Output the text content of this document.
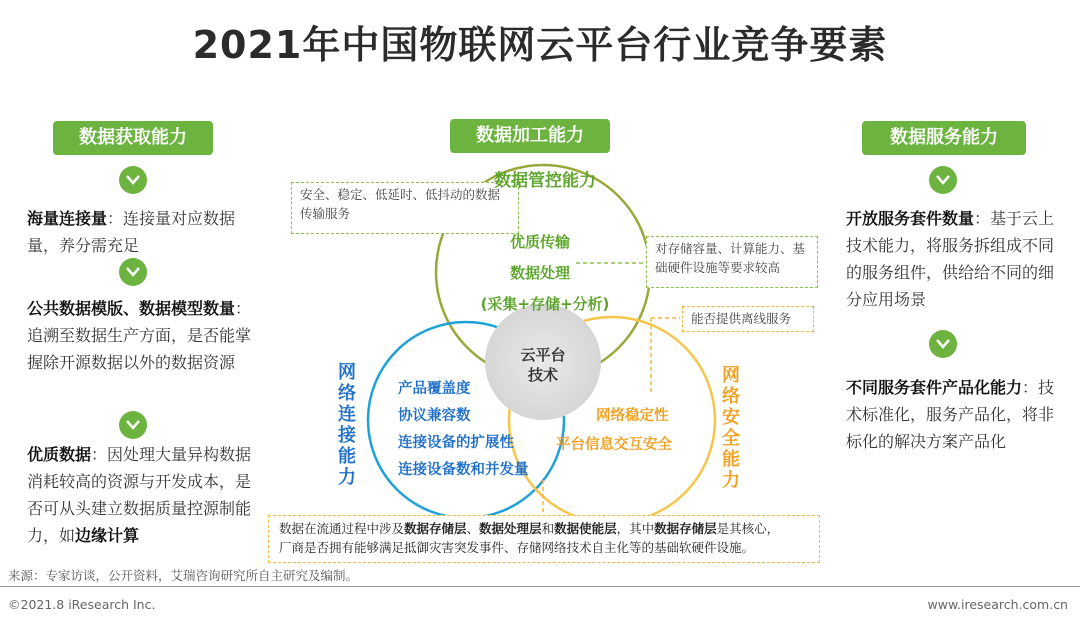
2021年中国物联网云平台行业竞争要素
数据获取能力
海量连接量：连接量对应数据量，养分需充足
公共数据模版、数据模型数量：追溯至数据生产方面，是否能掌握除开源数据以外的数据资源
优质数据：因处理大量异构数据消耗较高的资源与开发成本，是否可从头建立数据质量控源制能力，如边缘计算
数据服务能力
开放服务套件数量：基于云上技术能力，将服务拆组成不同的服务组件，供给给不同的细分应用场景
不同服务套件产品化能力：技术标准化，服务产品化，将非标化的解决方案产品化
数据加工能力
安全、稳定、低延时、低抖动的数据传输服务
对存储容量、计算能力、基础硬件设施等要求较高
能否提供离线服务
数据管控能力
优质传输
数据处理
(采集+存储+分析)
云平台
技术
产品覆盖度
协议兼容数
连接设备的扩展性
连接设备数和并发量
网络稳定性
平台信息交互安全
网
络
连
接
能
力
网
络
安
全
能
力
数据在流通过程中涉及数据存储层、数据处理层和数据使能层，其中数据存储层是其核心，
厂商是否拥有能够满足抵御灾害突发事件、存储网络技术自主化等的基础软硬件设施。
来源：专家访谈，公开资料，艾瑞咨询研究所自主研究及编制。
©2021.8 iResearch Inc.	www.iresearch.com.cn
